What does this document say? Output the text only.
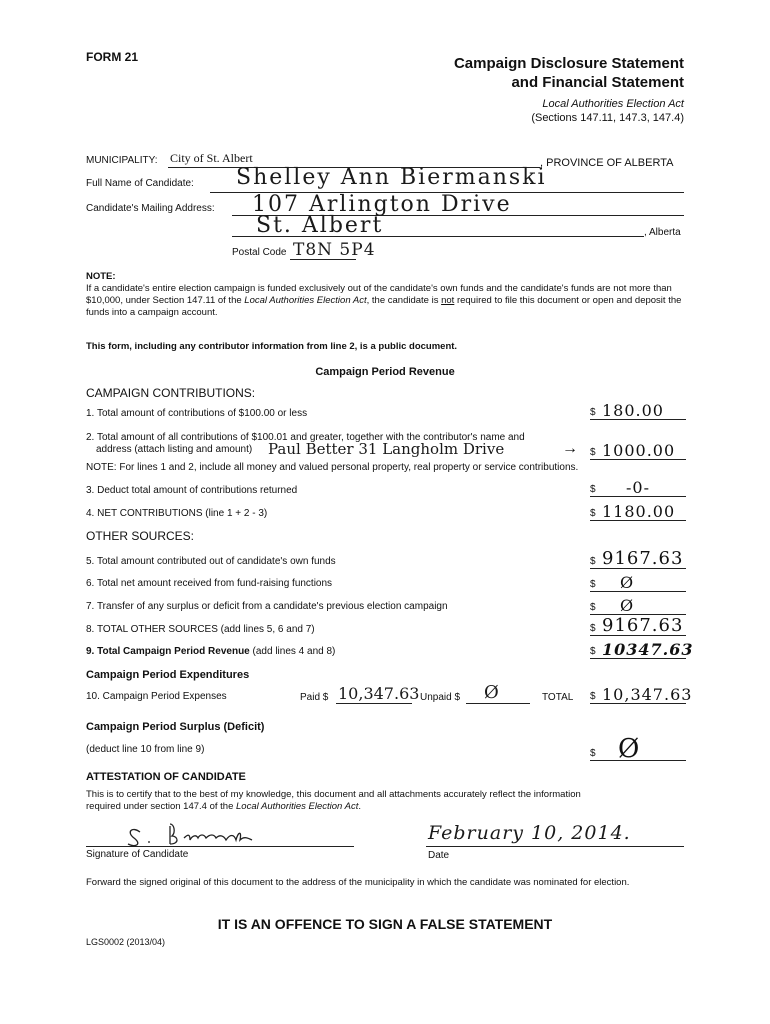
FORM 21	Campaign Disclosure Statement
and Financial Statement
Local Authorities Election Act
(Sections 147.11, 147.3, 147.4)
MUNICIPALITY: City of St. Albert	, PROVINCE OF ALBERTA
Full Name of Candidate: Shelley Ann Biermanski
Candidate's Mailing Address: 107 Arlington Drive
St. Albert	, Alberta
Postal Code T8N 5P4
NOTE:
If a candidate's entire election campaign is funded exclusively out of the candidate's own funds and the candidate's funds are not more than $10,000, under Section 147.11 of the Local Authorities Election Act, the candidate is not required to file this document or open and deposit the funds into a campaign account.
This form, including any contributor information from line 2, is a public document.
Campaign Period Revenue
CAMPAIGN CONTRIBUTIONS:
1. Total amount of contributions of $100.00 or less	$ 180.00
2. Total amount of all contributions of $100.01 and greater, together with the contributor's name and
address (attach listing and amount) Paul Better 31 Langholm Drive	→ $ 1000.00
NOTE: For lines 1 and 2, include all money and valued personal property, real property or service contributions.
3. Deduct total amount of contributions returned	$ -0-
4. NET CONTRIBUTIONS (line 1 + 2 - 3)	$ 1180.00
OTHER SOURCES:
5. Total amount contributed out of candidate's own funds	$ 9167.63
6. Total net amount received from fund-raising functions	$ Ø
7. Transfer of any surplus or deficit from a candidate's previous election campaign	$ Ø
8. TOTAL OTHER SOURCES (add lines 5, 6 and 7)	$ 9167.63
9. Total Campaign Period Revenue (add lines 4 and 8)	$ 10347.63
Campaign Period Expenditures
10. Campaign Period Expenses	Paid $ 10,347.63 Unpaid $ Ø	TOTAL $ 10,347.63
Campaign Period Surplus (Deficit)
(deduct line 10 from line 9)	$ Ø
ATTESTATION OF CANDIDATE
This is to certify that to the best of my knowledge, this document and all attachments accurately reflect the information
required under section 147.4 of the Local Authorities Election Act.
Signature of Candidate
February 10, 2014.
Date
Forward the signed original of this document to the address of the municipality in which the candidate was nominated for election.
IT IS AN OFFENCE TO SIGN A FALSE STATEMENT
LGS0002 (2013/04)
